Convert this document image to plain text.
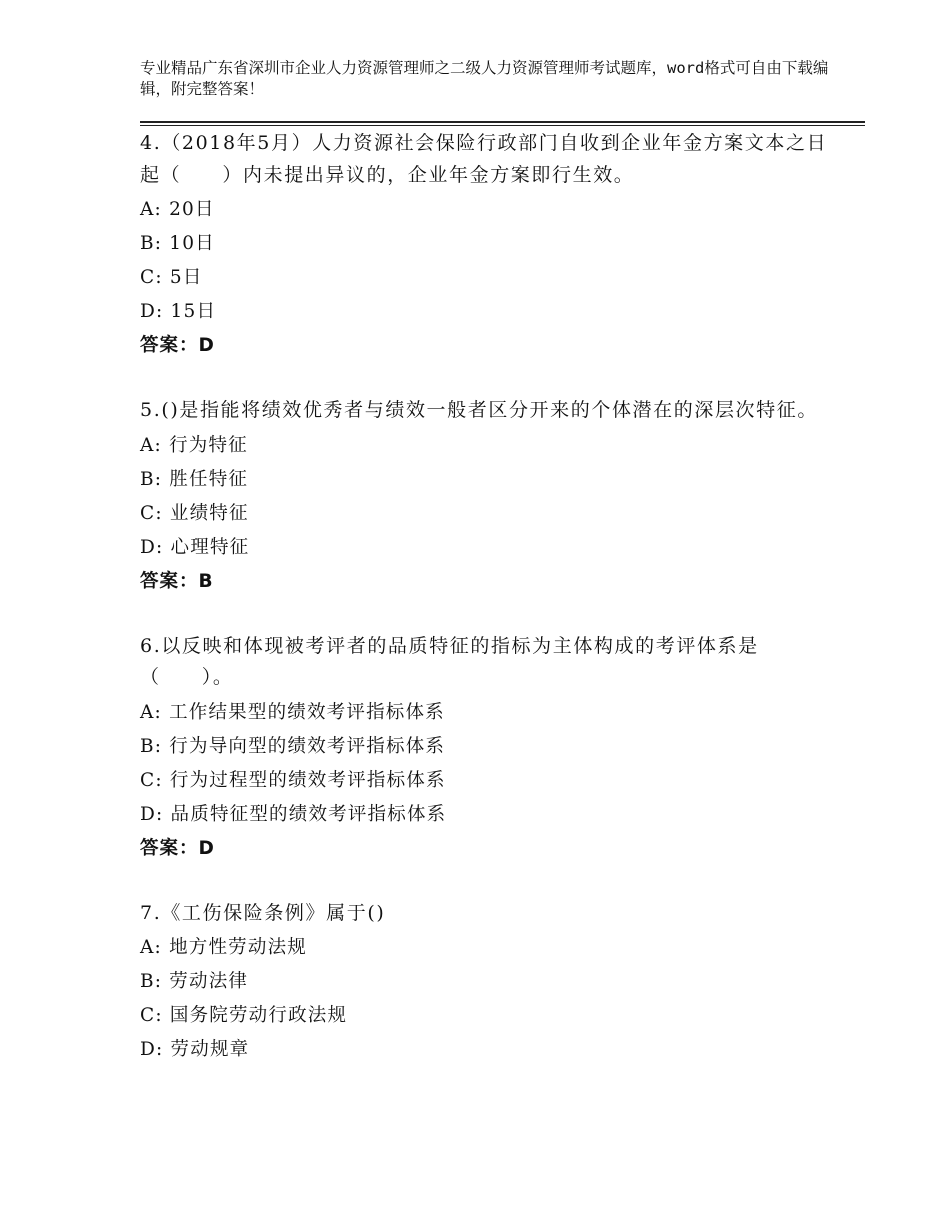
专业精品广东省深圳市企业人力资源管理师之二级人力资源管理师考试题库，word格式可自由下载编辑，附完整答案！
4.（2018年5月）人力资源社会保险行政部门自收到企业年金方案文本之日起（　　）内未提出异议的，企业年金方案即行生效。
A: 20日
B: 10日
C: 5日
D: 15日
答案：D
5.()是指能将绩效优秀者与绩效一般者区分开来的个体潜在的深层次特征。
A: 行为特征
B: 胜任特征
C: 业绩特征
D: 心理特征
答案：B
6.以反映和体现被考评者的品质特征的指标为主体构成的考评体系是（　　）。
A: 工作结果型的绩效考评指标体系
B: 行为导向型的绩效考评指标体系
C: 行为过程型的绩效考评指标体系
D: 品质特征型的绩效考评指标体系
答案：D
7.《工伤保险条例》属于()
A: 地方性劳动法规
B: 劳动法律
C: 国务院劳动行政法规
D: 劳动规章
